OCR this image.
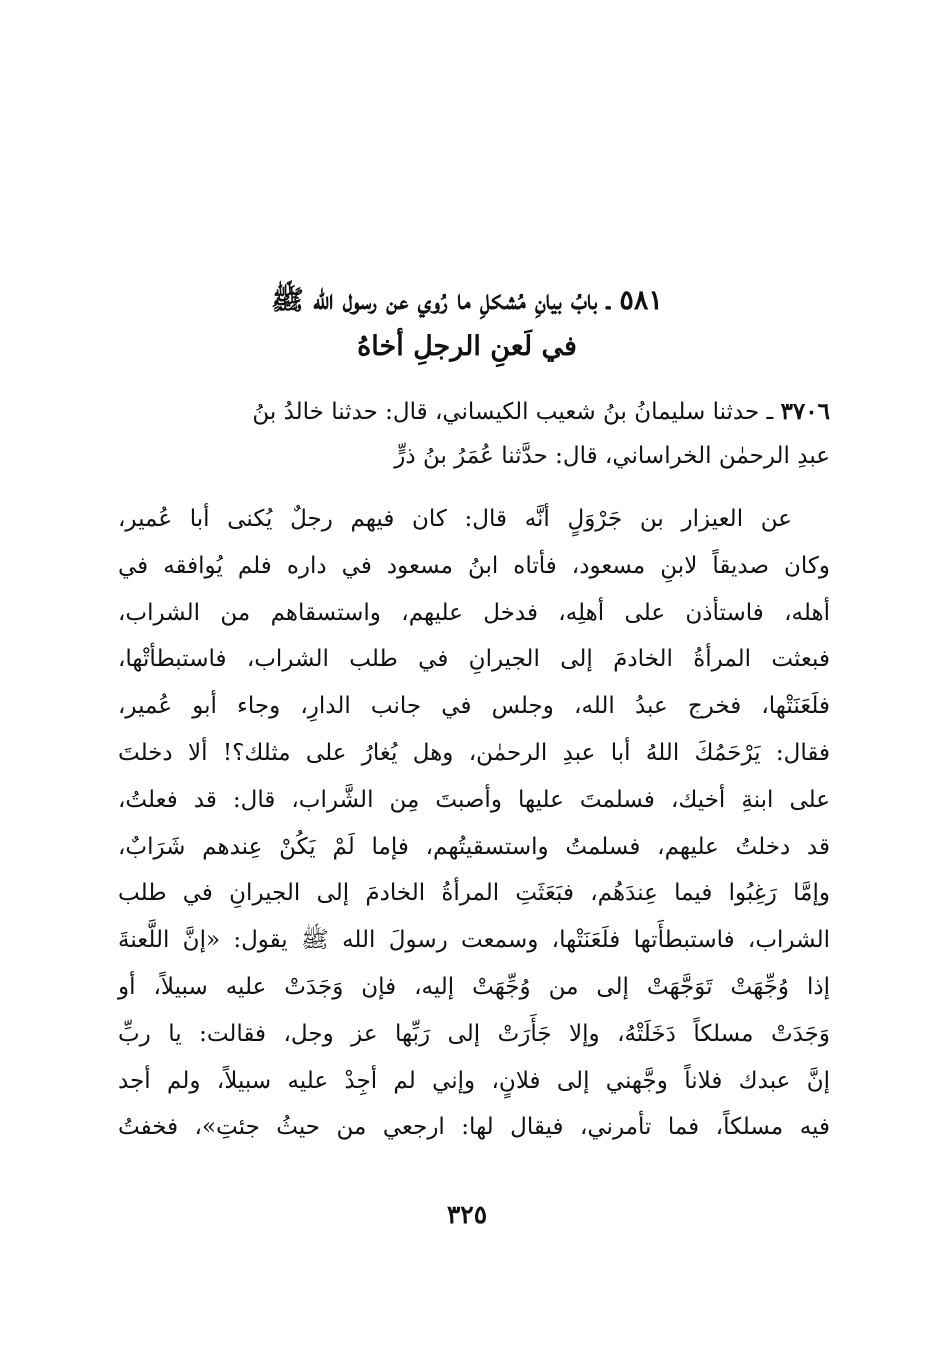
٥٨١ ـ بابُ بيانِ مُشكلِ ما رُوي عن رسول الله ﷺ
في لَعنِ الرجلِ أخاهُ
٣٧٠٦ ـ حدثنا سليمانُ بنُ شعيب الكيساني، قال: حدثنا خالدُ بنُ
عبدِ الرحمٰن الخراساني، قال: حدَّثنا عُمَرُ بنُ ذرٍّ
عن العيزار بن جَرْوَلٍ أنَّه قال: كان فيهم رجلٌ يُكنى أبا عُمير،
وكان صديقاً لابنِ مسعود، فأتاه ابنُ مسعود في داره فلم يُوافقه في
أهله، فاستأذن على أهلِه، فدخل عليهم، واستسقاهم من الشراب،
فبعثت المرأةُ الخادمَ إلى الجيرانِ في طلب الشراب، فاستبطأتْها،
فلَعَنَتْها، فخرج عبدُ الله، وجلس في جانب الدارِ، وجاء أبو عُمير،
فقال: يَرْحَمُكَ اللهُ أبا عبدِ الرحمٰن، وهل يُغارُ على مثلك؟! ألا دخلتَ
على ابنةِ أخيك، فسلمتَ عليها وأصبتَ مِن الشَّراب، قال: قد فعلتُ،
قد دخلتُ عليهم، فسلمتُ واستسقيتُهم، فإما لَمْ يَكُنْ عِندهم شَرَابٌ،
وإمَّا رَغِبُوا فيما عِندَهُم، فبَعَثَتِ المرأةُ الخادمَ إلى الجيرانِ في طلب
الشراب، فاستبطأَتها فلَعَنَتْها، وسمعت رسولَ الله ﷺ يقول: «إنَّ اللَّعنةَ
إذا وُجِّهَتْ تَوَجَّهَتْ إلى من وُجِّهَتْ إليه، فإن وَجَدَتْ عليه سبيلاً، أو
وَجَدَتْ مسلكاً دَخَلَتْهُ، وإلا جَأَرَتْ إلى رَبِّها عز وجل، فقالت: يا ربِّ
إنَّ عبدك فلاناً وجَّهني إلى فلانٍ، وإني لم أجِدْ عليه سبيلاً، ولم أجد
فيه مسلكاً، فما تأمرني، فيقال لها: ارجعي من حيثُ جئتِ»، فخفتُ
٣٢٥
